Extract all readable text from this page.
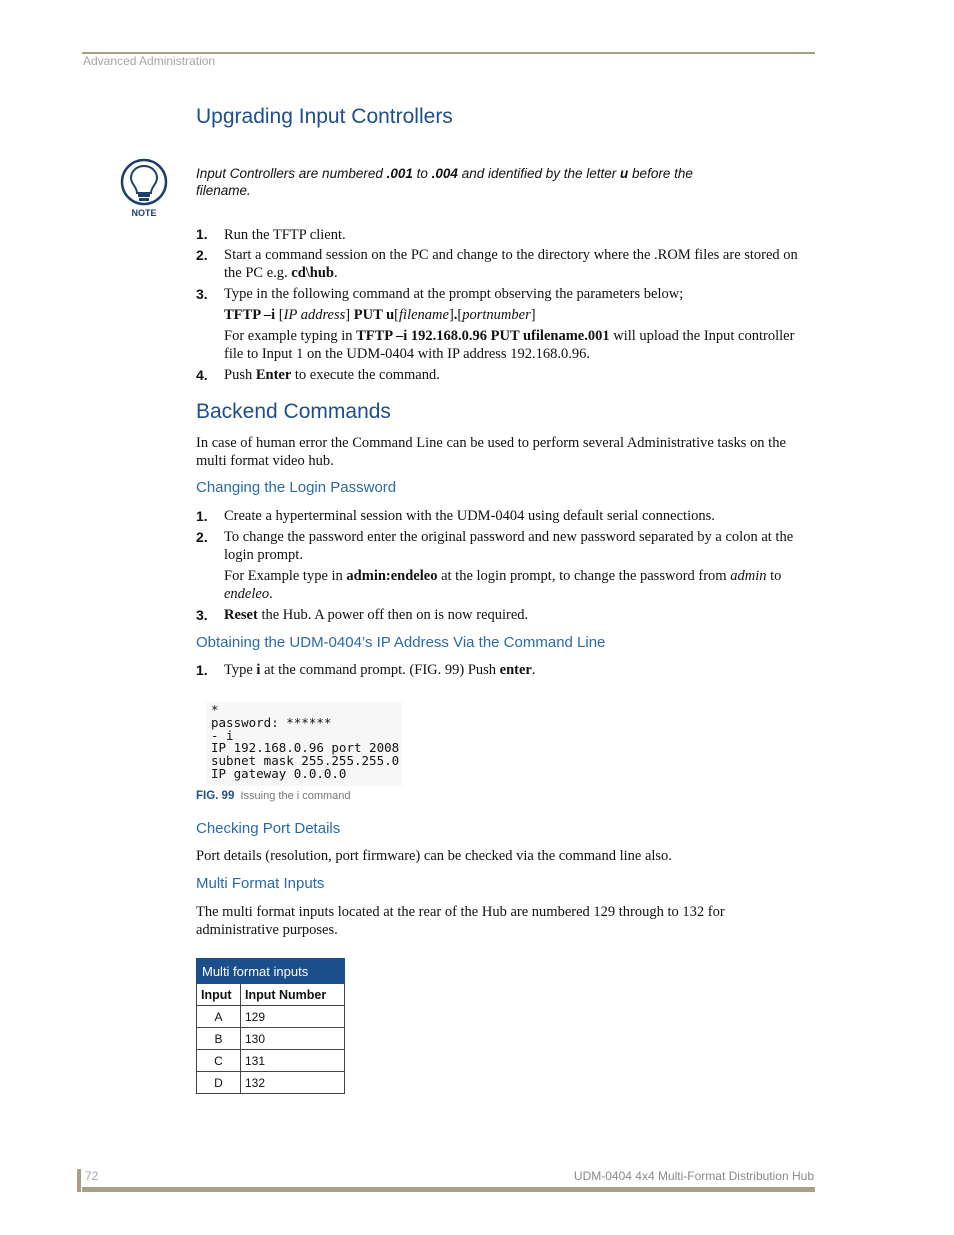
Advanced Administration
Upgrading Input Controllers
NOTE
Input Controllers are numbered .001 to .004 and identified by the letter u before the
filename.
1. Run the TFTP client.
2. Start a command session on the PC and change to the directory where the .ROM files are stored on the PC e.g. cd\hub.
3. Type in the following command at the prompt observing the parameters below;
TFTP –i [IP address] PUT u[filename].[portnumber]
For example typing in TFTP –i 192.168.0.96 PUT ufilename.001 will upload the Input controller file to Input 1 on the UDM-0404 with IP address 192.168.0.96.
4. Push Enter to execute the command.
Backend Commands
In case of human error the Command Line can be used to perform several Administrative tasks on the multi format video hub.
Changing the Login Password
1. Create a hyperterminal session with the UDM-0404 using default serial connections.
2. To change the password enter the original password and new password separated by a colon at the login prompt.
For Example type in admin:endeleo at the login prompt, to change the password from admin to endeleo.
3. Reset the Hub. A power off then on is now required.
Obtaining the UDM-0404’s IP Address Via the Command Line
1. Type i at the command prompt. (FIG. 99) Push enter.
*
password: ******
- i
IP 192.168.0.96 port 2008
subnet mask 255.255.255.0
IP gateway 0.0.0.0
FIG. 99 Issuing the i command
Checking Port Details
Port details (resolution, port firmware) can be checked via the command line also.
Multi Format Inputs
The multi format inputs located at the rear of the Hub are numbered 129 through to 132 for administrative purposes.
Multi format inputs	
Input	Input Number
A	129
B	130
C	131
D	132
72	UDM-0404 4x4 Multi-Format Distribution Hub
